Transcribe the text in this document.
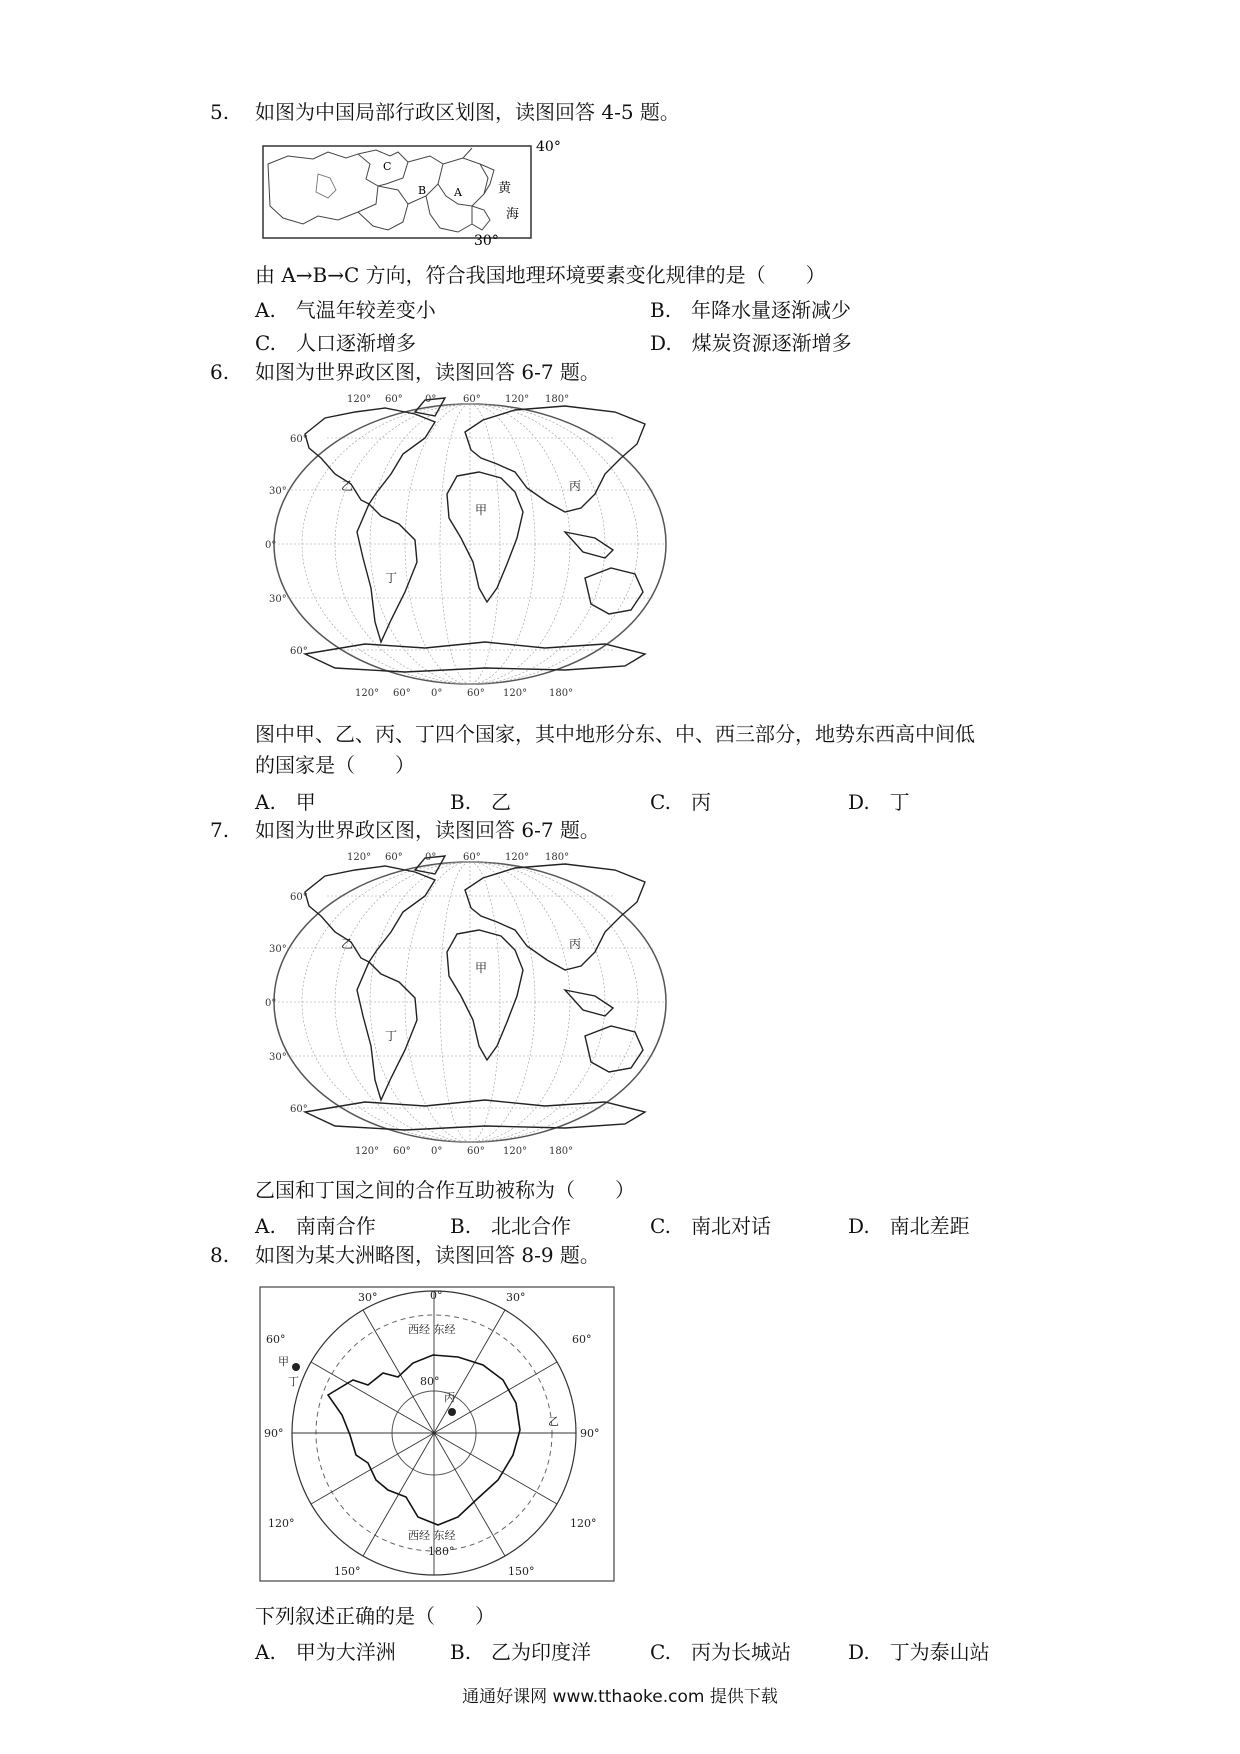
5. 如图为中国局部行政区划图，读图回答 4-5 题。
40°
30°
A
B
C
黄
海
由 A→B→C 方向，符合我国地理环境要素变化规律的是（　　）
A.　气温年较差变小	B.　年降水量逐渐减少
C.　人口逐渐增多	D.　煤炭资源逐渐增多
6. 如图为世界政区图，读图回答 6-7 题。
120° 60° 0°	60° 120° 180°
120° 60° 0° 60° 120° 180°
60°
30°
0°
30°
60°
甲
乙	丙
丁
图中甲、乙、丙、丁四个国家，其中地形分东、中、西三部分，地势东西高中间低
的国家是（　　）
A.　甲	B.　乙	C.　丙	D.　丁
7. 如图为世界政区图，读图回答 6-7 题。
120° 60° 0°	60° 120° 180°
120° 60° 0° 60° 120° 180°
60°
30°
0°
30°
60°
甲
乙	丙
丁
乙国和丁国之间的合作互助被称为（　　）
A.　南南合作	B.　北北合作	C.　南北对话	D.　南北差距
8. 如图为某大洲略图，读图回答 8-9 题。
30°	0°	30°
60°	60°
90°	90°
120°	120°
150°	150°
180°
80°
西经 东经
西经 东经
甲
乙
丙
丁
下列叙述正确的是（　　）
A.　甲为大洋洲	B.　乙为印度洋	C.　丙为长城站	D.　丁为泰山站
通通好课网 www.tthaoke.com 提供下载
